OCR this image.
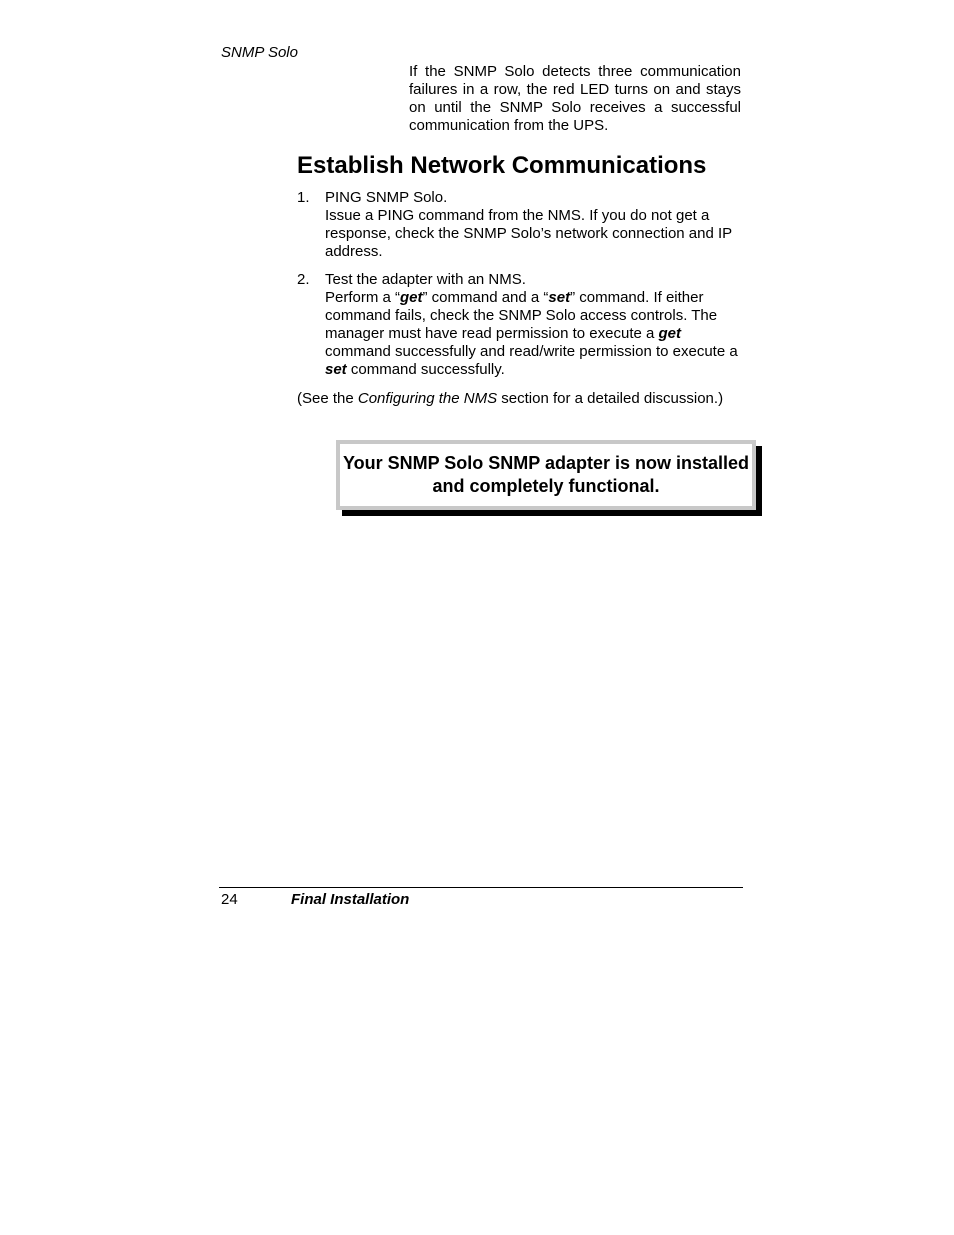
SNMP Solo
If the SNMP Solo detects three communication failures in a row, the red LED turns on and stays on until the SNMP Solo receives a successful communication from the UPS.
Establish Network Communications
1. PING SNMP Solo.
Issue a PING command from the NMS. If you do not get a response, check the SNMP Solo’s network connection and IP address.
2. Test the adapter with an NMS.
Perform a “get” command and a “set” command. If either command fails, check the SNMP Solo access controls. The manager must have read permission to execute a get command successfully and read/write permission to execute a set command successfully.

(See the Configuring the NMS section for a detailed discussion.)

Your SNMP Solo SNMP adapter is now installed and completely functional.
24	Final Installation
